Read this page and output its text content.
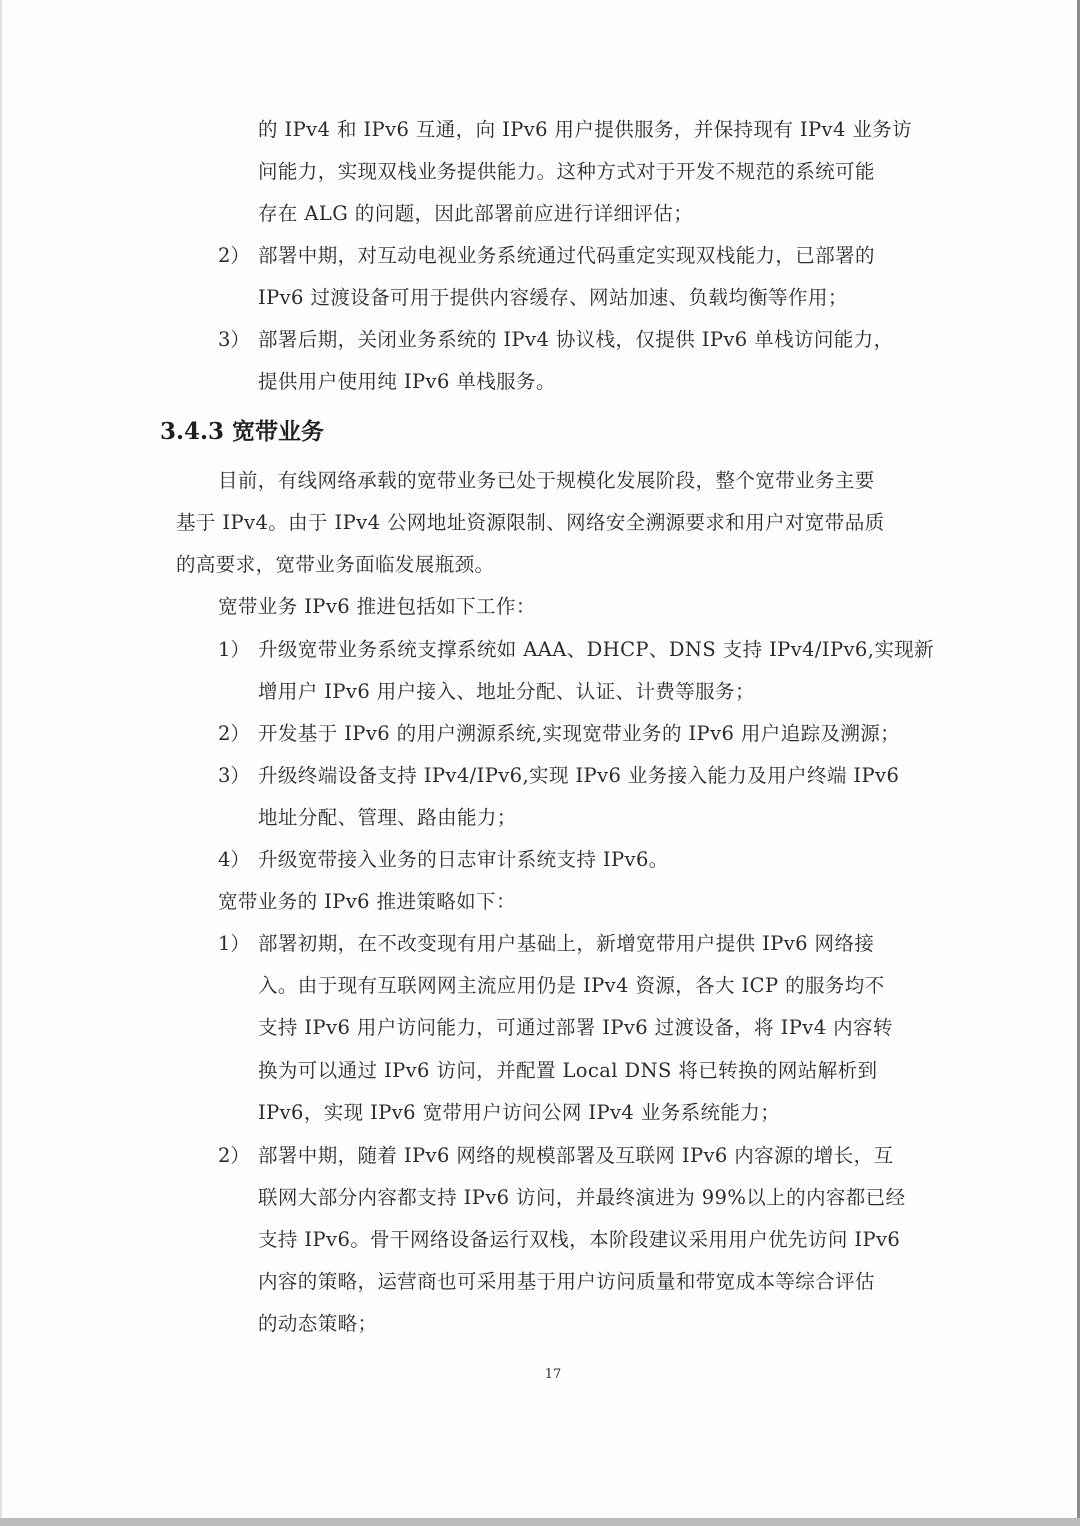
的 IPv4 和 IPv6 互通，向 IPv6 用户提供服务，并保持现有 IPv4 业务访
问能力，实现双栈业务提供能力。这种方式对于开发不规范的系统可能
存在 ALG 的问题，因此部署前应进行详细评估；
2） 部署中期，对互动电视业务系统通过代码重定实现双栈能力，已部署的
IPv6 过渡设备可用于提供内容缓存、网站加速、负载均衡等作用；
3） 部署后期，关闭业务系统的 IPv4 协议栈，仅提供 IPv6 单栈访问能力，
提供用户使用纯 IPv6 单栈服务。
3.4.3 宽带业务
目前，有线网络承载的宽带业务已处于规模化发展阶段，整个宽带业务主要
基于 IPv4。由于 IPv4 公网地址资源限制、网络安全溯源要求和用户对宽带品质
的高要求，宽带业务面临发展瓶颈。
宽带业务 IPv6 推进包括如下工作：
1） 升级宽带业务系统支撑系统如 AAA、DHCP、DNS 支持 IPv4/IPv6,实现新
增用户 IPv6 用户接入、地址分配、认证、计费等服务；
2） 开发基于 IPv6 的用户溯源系统,实现宽带业务的 IPv6 用户追踪及溯源；
3） 升级终端设备支持 IPv4/IPv6,实现 IPv6 业务接入能力及用户终端 IPv6
地址分配、管理、路由能力；
4） 升级宽带接入业务的日志审计系统支持 IPv6。
宽带业务的 IPv6 推进策略如下：
1） 部署初期，在不改变现有用户基础上，新增宽带用户提供 IPv6 网络接
入。由于现有互联网网主流应用仍是 IPv4 资源，各大 ICP 的服务均不
支持 IPv6 用户访问能力，可通过部署 IPv6 过渡设备，将 IPv4 内容转
换为可以通过 IPv6 访问，并配置 Local DNS 将已转换的网站解析到
IPv6，实现 IPv6 宽带用户访问公网 IPv4 业务系统能力；
2） 部署中期，随着 IPv6 网络的规模部署及互联网 IPv6 内容源的增长，互
联网大部分内容都支持 IPv6 访问，并最终演进为 99%以上的内容都已经
支持 IPv6。骨干网络设备运行双栈，本阶段建议采用用户优先访问 IPv6
内容的策略，运营商也可采用基于用户访问质量和带宽成本等综合评估
的动态策略；
17
